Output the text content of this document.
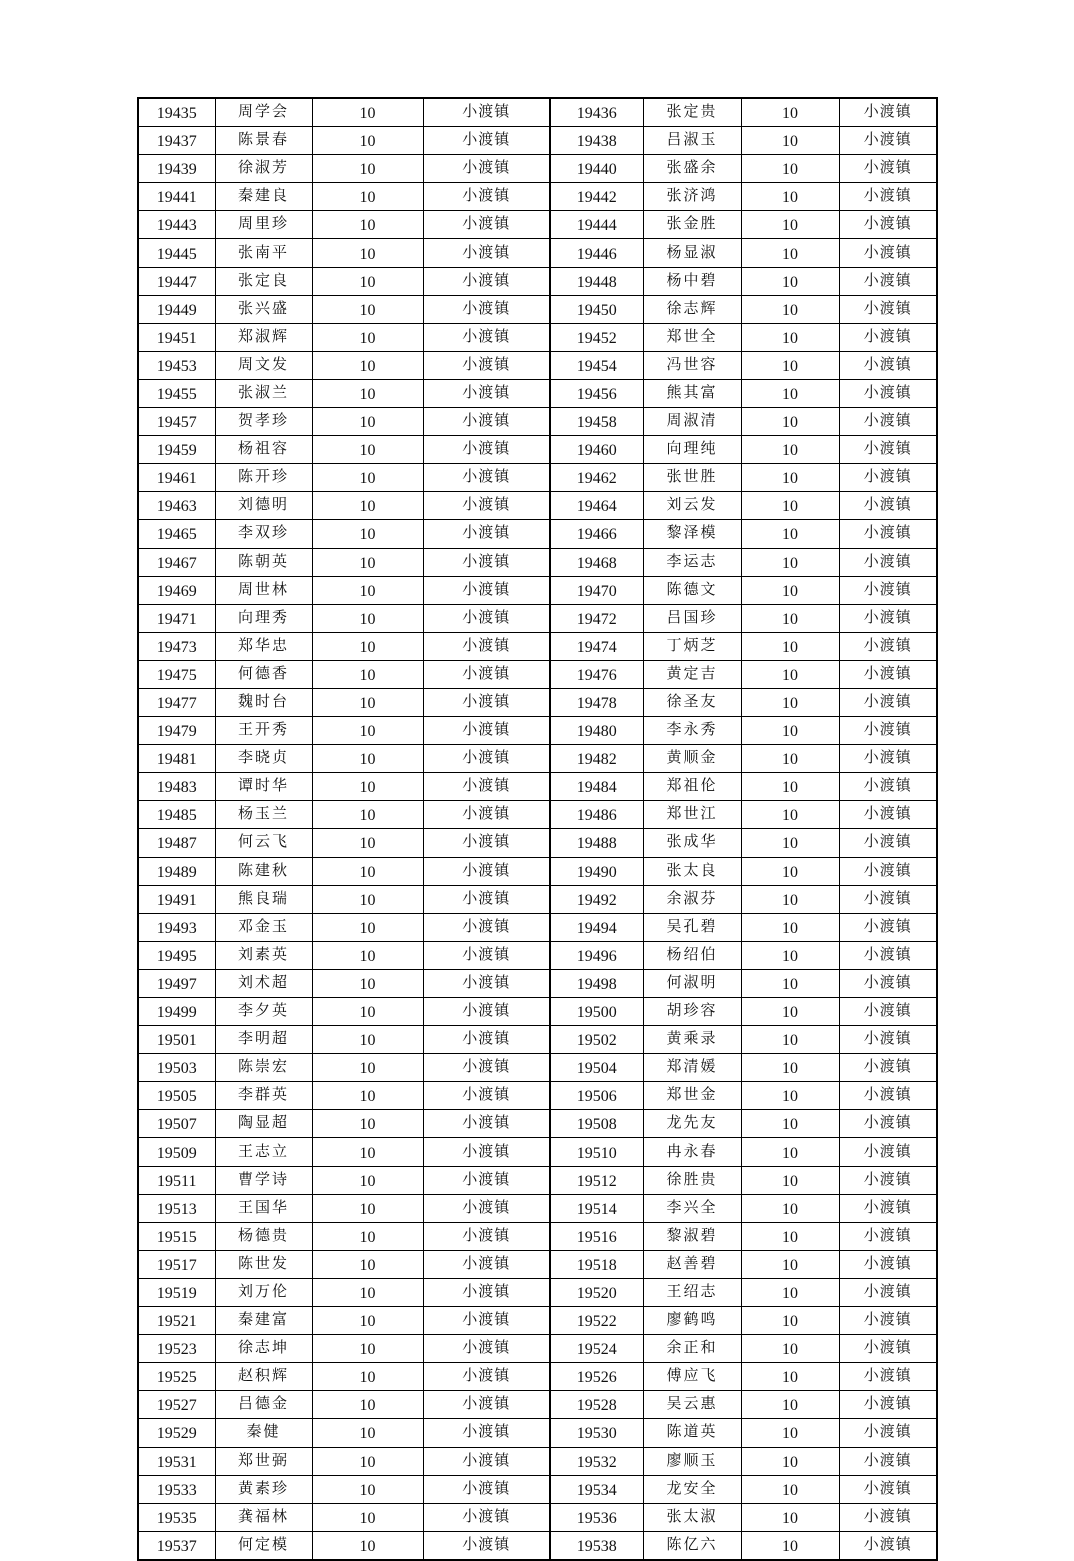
19435	周学会	10	小渡镇	19436	张定贵	10	小渡镇
19437	陈景春	10	小渡镇	19438	吕淑玉	10	小渡镇
19439	徐淑芳	10	小渡镇	19440	张盛余	10	小渡镇
19441	秦建良	10	小渡镇	19442	张济鸿	10	小渡镇
19443	周里珍	10	小渡镇	19444	张金胜	10	小渡镇
19445	张南平	10	小渡镇	19446	杨显淑	10	小渡镇
19447	张定良	10	小渡镇	19448	杨中碧	10	小渡镇
19449	张兴盛	10	小渡镇	19450	徐志辉	10	小渡镇
19451	郑淑辉	10	小渡镇	19452	郑世全	10	小渡镇
19453	周文发	10	小渡镇	19454	冯世容	10	小渡镇
19455	张淑兰	10	小渡镇	19456	熊其富	10	小渡镇
19457	贺孝珍	10	小渡镇	19458	周淑清	10	小渡镇
19459	杨祖容	10	小渡镇	19460	向理纯	10	小渡镇
19461	陈开珍	10	小渡镇	19462	张世胜	10	小渡镇
19463	刘德明	10	小渡镇	19464	刘云发	10	小渡镇
19465	李双珍	10	小渡镇	19466	黎泽模	10	小渡镇
19467	陈朝英	10	小渡镇	19468	李运志	10	小渡镇
19469	周世林	10	小渡镇	19470	陈德文	10	小渡镇
19471	向理秀	10	小渡镇	19472	吕国珍	10	小渡镇
19473	郑华忠	10	小渡镇	19474	丁炳芝	10	小渡镇
19475	何德香	10	小渡镇	19476	黄定吉	10	小渡镇
19477	魏时台	10	小渡镇	19478	徐圣友	10	小渡镇
19479	王开秀	10	小渡镇	19480	李永秀	10	小渡镇
19481	李晓贞	10	小渡镇	19482	黄顺金	10	小渡镇
19483	谭时华	10	小渡镇	19484	郑祖伦	10	小渡镇
19485	杨玉兰	10	小渡镇	19486	郑世江	10	小渡镇
19487	何云飞	10	小渡镇	19488	张成华	10	小渡镇
19489	陈建秋	10	小渡镇	19490	张太良	10	小渡镇
19491	熊良瑞	10	小渡镇	19492	余淑芬	10	小渡镇
19493	邓金玉	10	小渡镇	19494	吴孔碧	10	小渡镇
19495	刘素英	10	小渡镇	19496	杨绍伯	10	小渡镇
19497	刘术超	10	小渡镇	19498	何淑明	10	小渡镇
19499	李夕英	10	小渡镇	19500	胡珍容	10	小渡镇
19501	李明超	10	小渡镇	19502	黄乘录	10	小渡镇
19503	陈崇宏	10	小渡镇	19504	郑清媛	10	小渡镇
19505	李群英	10	小渡镇	19506	郑世金	10	小渡镇
19507	陶显超	10	小渡镇	19508	龙先友	10	小渡镇
19509	王志立	10	小渡镇	19510	冉永春	10	小渡镇
19511	曹学诗	10	小渡镇	19512	徐胜贵	10	小渡镇
19513	王国华	10	小渡镇	19514	李兴全	10	小渡镇
19515	杨德贵	10	小渡镇	19516	黎淑碧	10	小渡镇
19517	陈世发	10	小渡镇	19518	赵善碧	10	小渡镇
19519	刘万伦	10	小渡镇	19520	王绍志	10	小渡镇
19521	秦建富	10	小渡镇	19522	廖鹤鸣	10	小渡镇
19523	徐志坤	10	小渡镇	19524	余正和	10	小渡镇
19525	赵积辉	10	小渡镇	19526	傅应飞	10	小渡镇
19527	吕德金	10	小渡镇	19528	吴云惠	10	小渡镇
19529	秦健	10	小渡镇	19530	陈道英	10	小渡镇
19531	郑世弼	10	小渡镇	19532	廖顺玉	10	小渡镇
19533	黄素珍	10	小渡镇	19534	龙安全	10	小渡镇
19535	龚福林	10	小渡镇	19536	张太淑	10	小渡镇
19537	何定模	10	小渡镇	19538	陈亿六	10	小渡镇
